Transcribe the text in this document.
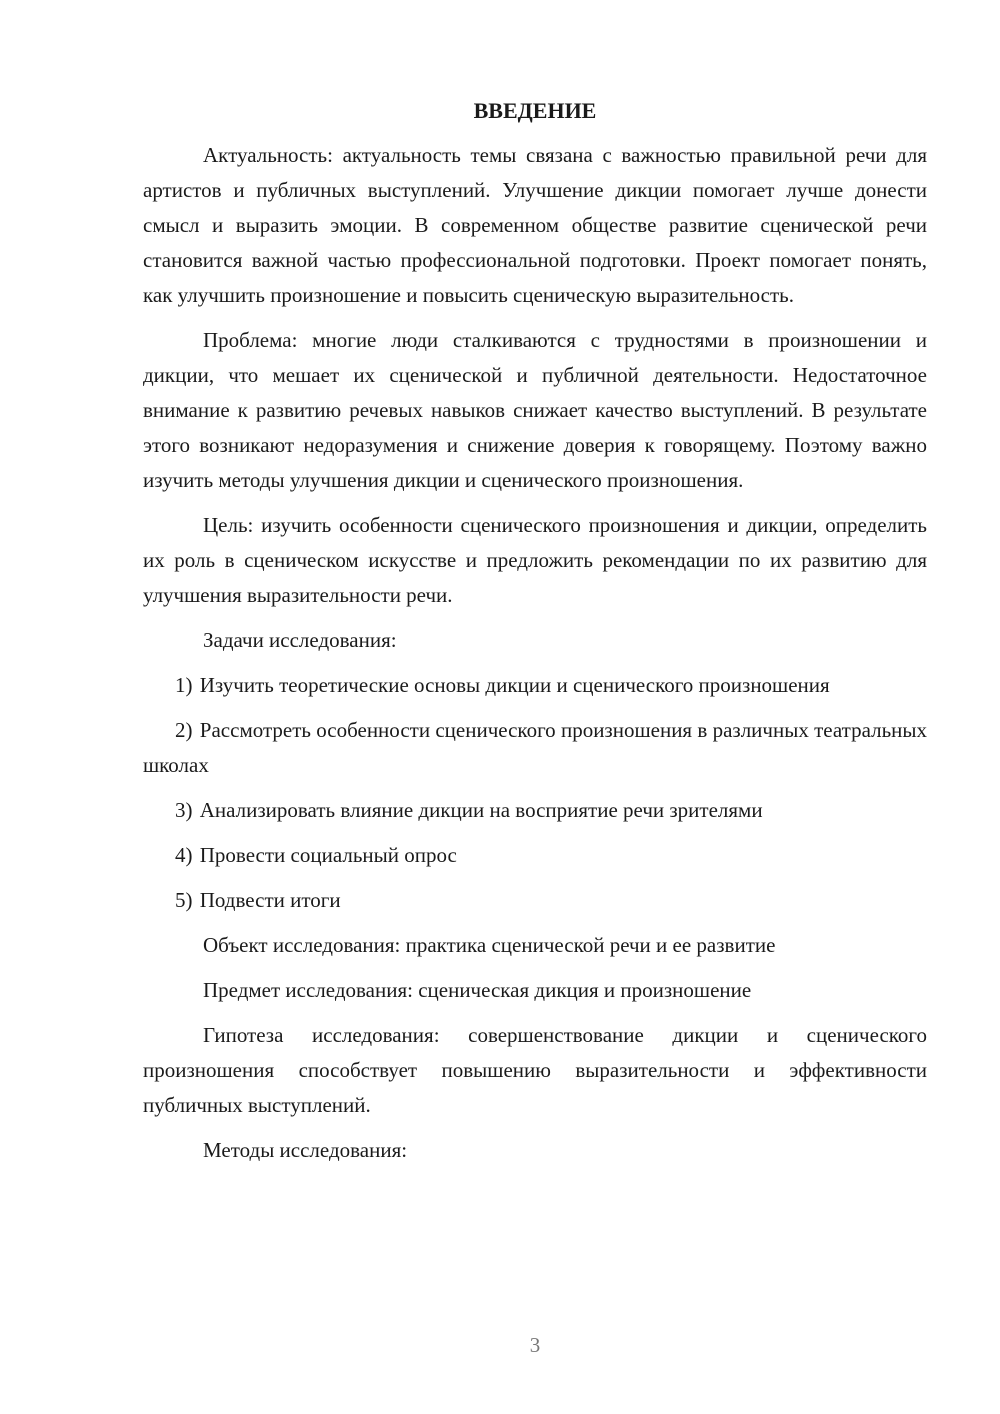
ВВЕДЕНИЕ

Актуальность: актуальность темы связана с важностью правильной речи для артистов и публичных выступлений. Улучшение дикции помогает лучше донести смысл и выразить эмоции. В современном обществе развитие сценической речи становится важной частью профессиональной подготовки. Проект помогает понять, как улучшить произношение и повысить сценическую выразительность.

Проблема: многие люди сталкиваются с трудностями в произношении и дикции, что мешает их сценической и публичной деятельности. Недостаточное внимание к развитию речевых навыков снижает качество выступлений. В результате этого возникают недоразумения и снижение доверия к говорящему. Поэтому важно изучить методы улучшения дикции и сценического произношения.

Цель: изучить особенности сценического произношения и дикции, определить их роль в сценическом искусстве и предложить рекомендации по их развитию для улучшения выразительности речи.

Задачи исследования:

1) Изучить теоретические основы дикции и сценического произношения

2) Рассмотреть особенности сценического произношения в различных театральных школах

3) Анализировать влияние дикции на восприятие речи зрителями

4) Провести социальный опрос

5) Подвести итоги

Объект исследования: практика сценической речи и ее развитие

Предмет исследования: сценическая дикция и произношение

Гипотеза исследования: совершенствование дикции и сценического произношения способствует повышению выразительности и эффективности публичных выступлений.

Методы исследования:

3
